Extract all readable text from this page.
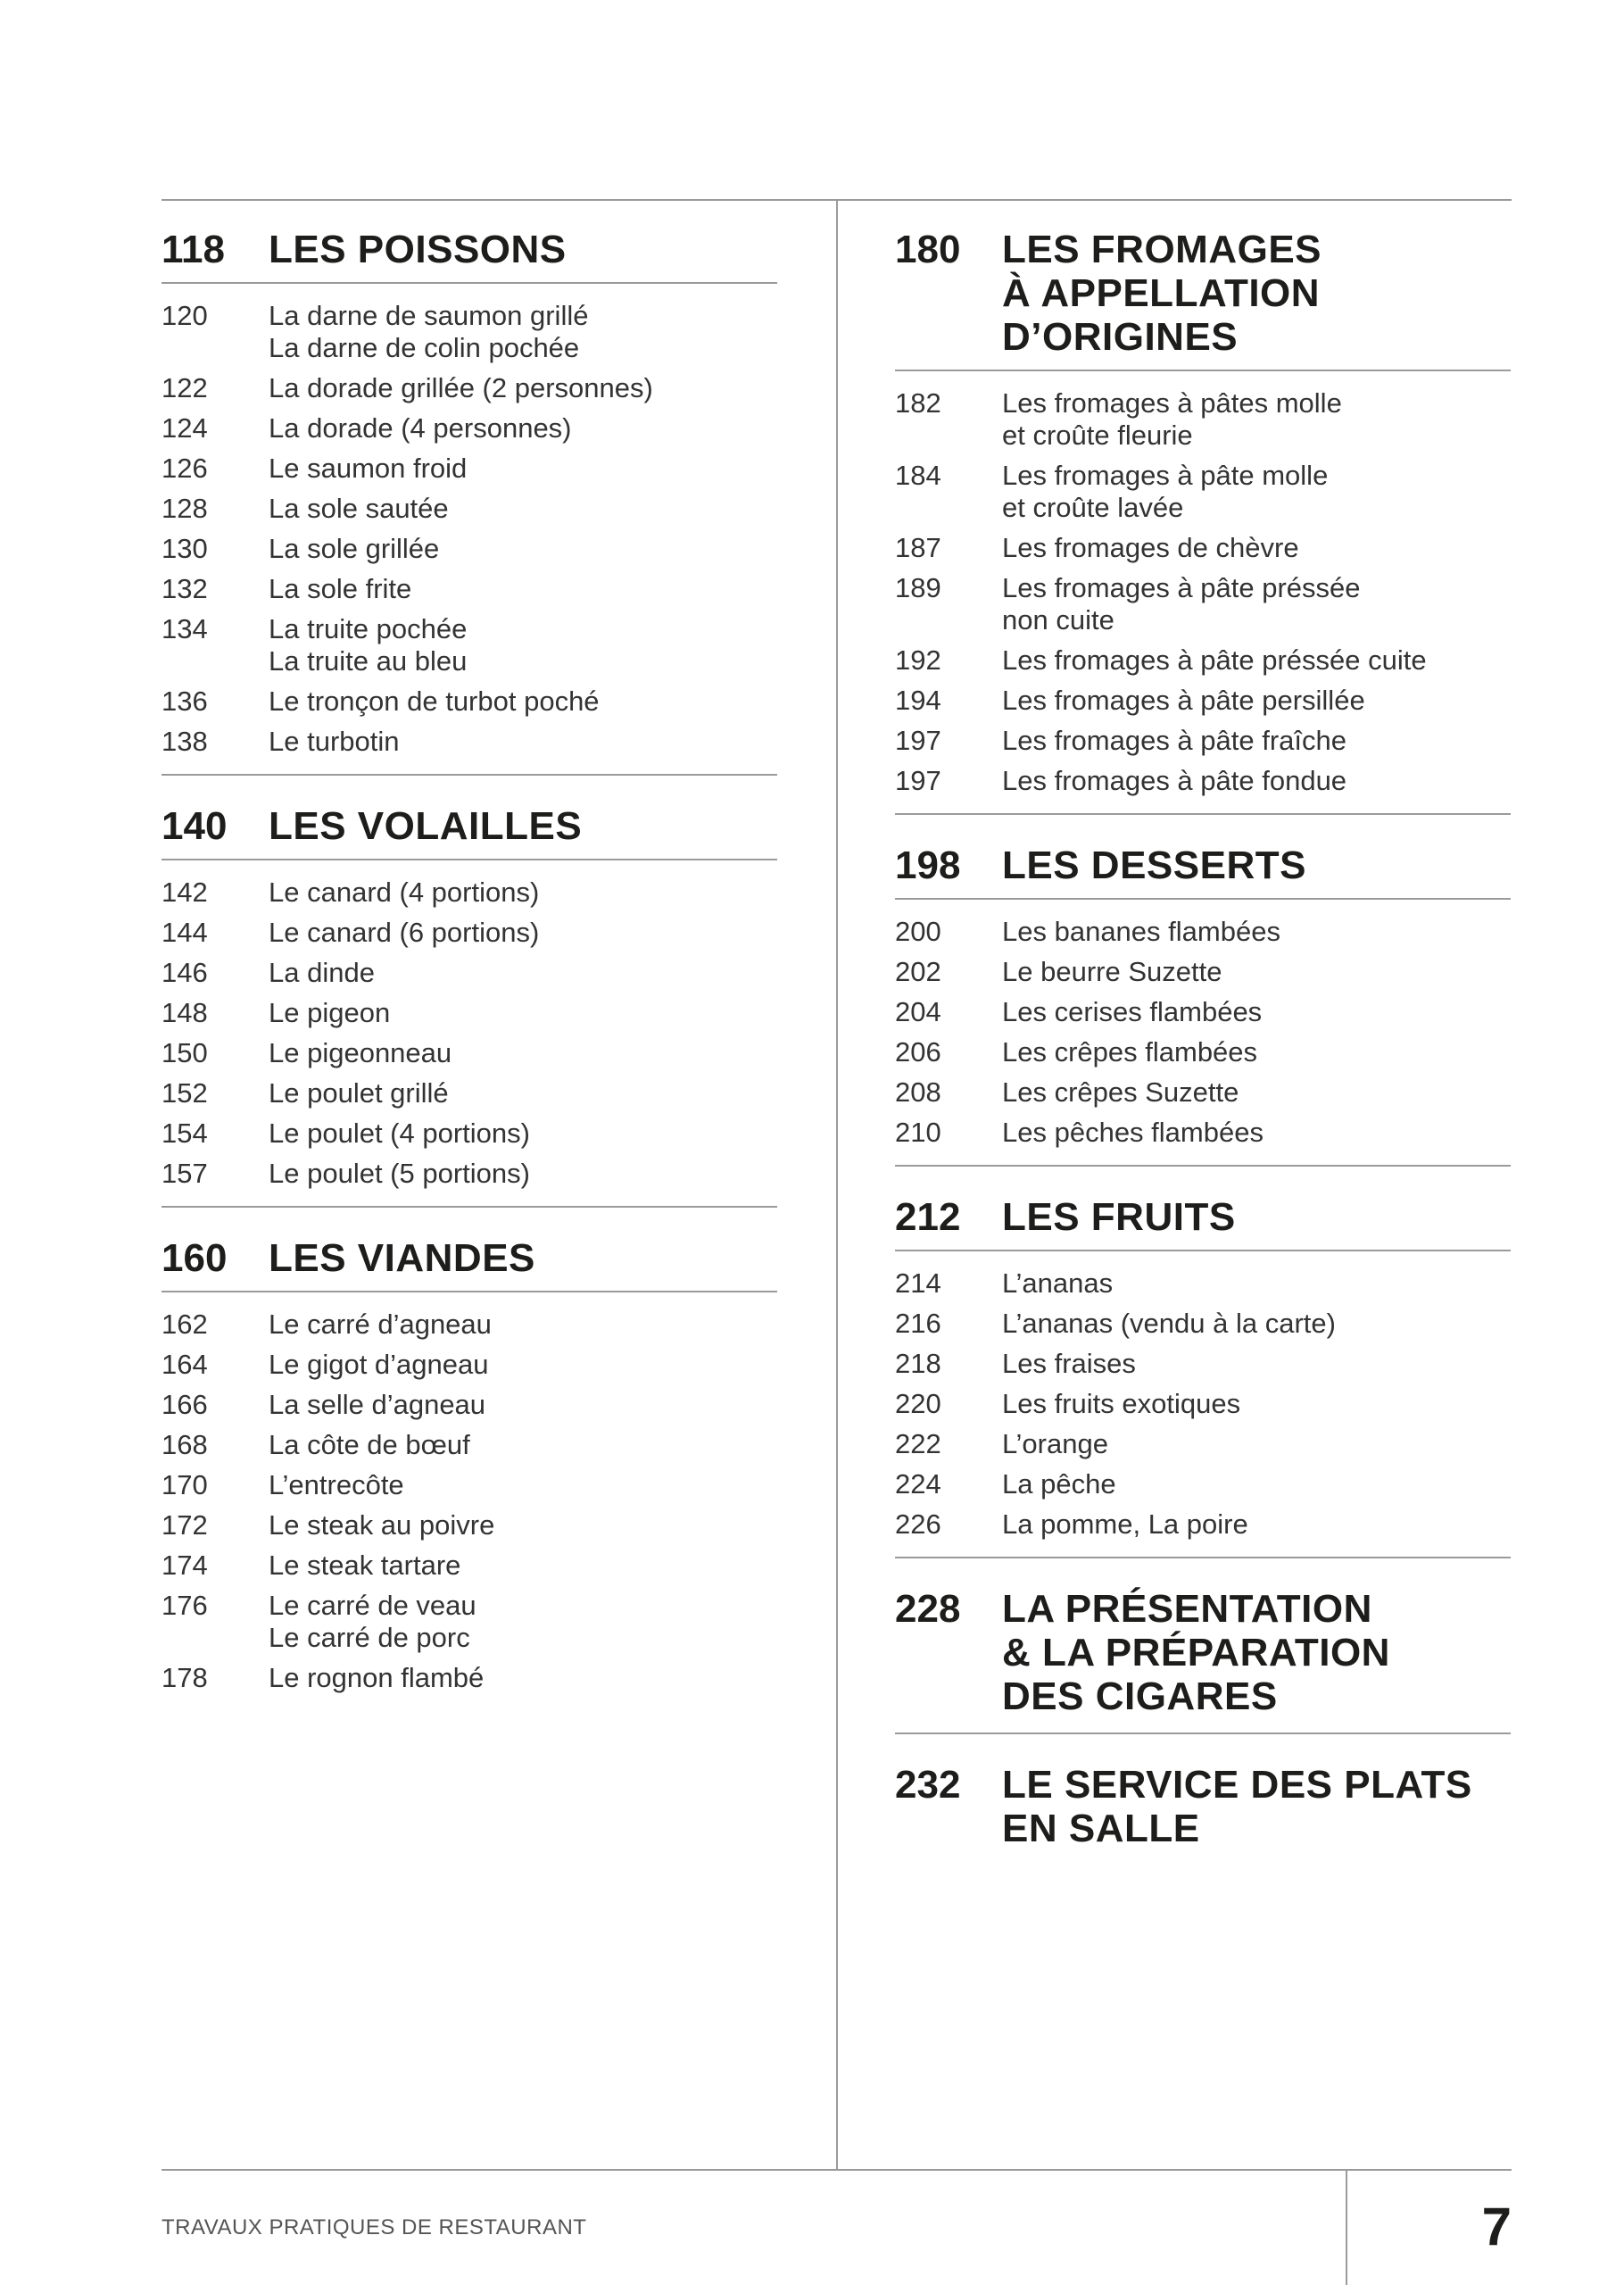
118	LES POISSONS
120	La darne de saumon grillé
La darne de colin pochée
122	La dorade grillée (2 personnes)
124	La dorade (4 personnes)
126	Le saumon froid
128	La sole sautée
130	La sole grillée
132	La sole frite
134	La truite pochée
La truite au bleu
136	Le tronçon de turbot poché
138	Le turbotin
140	LES VOLAILLES
142	Le canard (4 portions)
144	Le canard (6 portions)
146	La dinde
148	Le pigeon
150	Le pigeonneau
152	Le poulet grillé
154	Le poulet (4 portions)
157	Le poulet (5 portions)
160	LES VIANDES
162	Le carré d’agneau
164	Le gigot d’agneau
166	La selle d’agneau
168	La côte de bœuf
170	L’entrecôte
172	Le steak au poivre
174	Le steak tartare
176	Le carré de veau
Le carré de porc
178	Le rognon flambé
180	LES FROMAGES
À APPELLATION
D’ORIGINES
182	Les fromages à pâtes molle
et croûte fleurie
184	Les fromages à pâte molle
et croûte lavée
187	Les fromages de chèvre
189	Les fromages à pâte préssée
non cuite
192	Les fromages à pâte préssée cuite
194	Les fromages à pâte persillée
197	Les fromages à pâte fraîche
197	Les fromages à pâte fondue
198	LES DESSERTS
200	Les bananes flambées
202	Le beurre Suzette
204	Les cerises flambées
206	Les crêpes flambées
208	Les crêpes Suzette
210	Les pêches flambées
212	LES FRUITS
214	L’ananas
216	L’ananas (vendu à la carte)
218	Les fraises
220	Les fruits exotiques
222	L’orange
224	La pêche
226	La pomme, La poire
228	LA PRÉSENTATION
& LA PRÉPARATION
DES CIGARES
232	LE SERVICE DES PLATS
EN SALLE
TRAVAUX PRATIQUES DE RESTAURANT	7
